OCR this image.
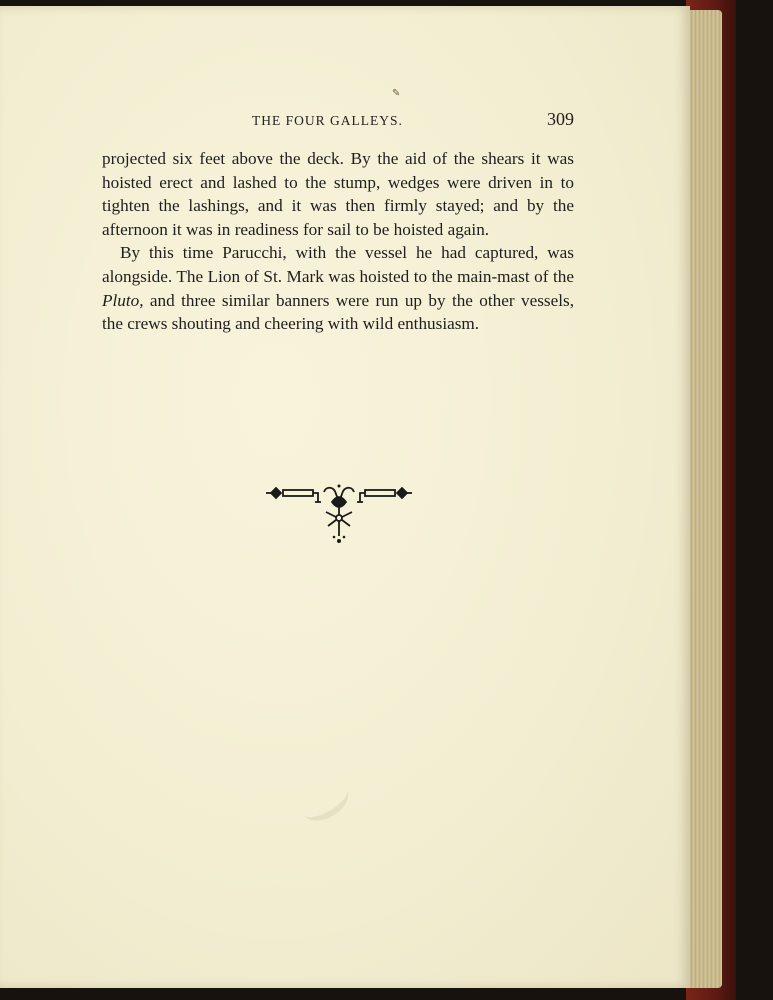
✎
THE FOUR GALLEYS.	309

projected six feet above the deck. By the aid of the shears it was hoisted erect and lashed to the stump, wedges were driven in to tighten the lashings, and it was then firmly stayed; and by the afternoon it was in readiness for sail to be hoisted again.

By this time Parucchi, with the vessel he had captured, was alongside. The Lion of St. Mark was hoisted to the main-mast of the Pluto, and three similar banners were run up by the other vessels, the crews shouting and cheering with wild enthusiasm.
